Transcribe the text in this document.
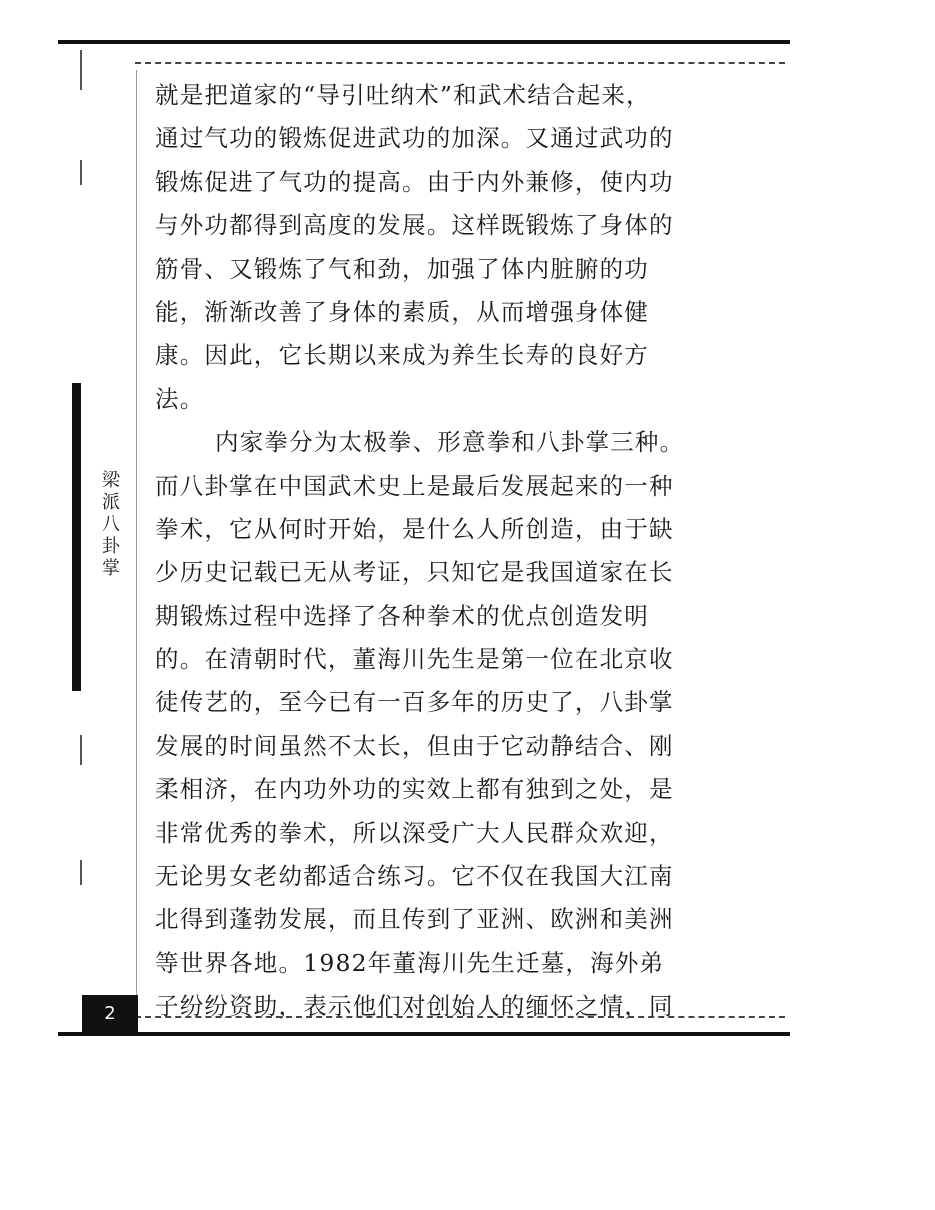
梁派八卦掌
就是把道家的“导引吐纳术”和武术结合起来，
通过气功的锻炼促进武功的加深。又通过武功的
锻炼促进了气功的提高。由于内外兼修，使内功
与外功都得到高度的发展。这样既锻炼了身体的
筋骨、又锻炼了气和劲，加强了体内脏腑的功
能，渐渐改善了身体的素质，从而增强身体健
康。因此，它长期以来成为养生长寿的良好方
法。
内家拳分为太极拳、形意拳和八卦掌三种。
而八卦掌在中国武术史上是最后发展起来的一种
拳术，它从何时开始，是什么人所创造，由于缺
少历史记载已无从考证，只知它是我国道家在长
期锻炼过程中选择了各种拳术的优点创造发明
的。在清朝时代，董海川先生是第一位在北京收
徒传艺的，至今已有一百多年的历史了，八卦掌
发展的时间虽然不太长，但由于它动静结合、刚
柔相济，在内功外功的实效上都有独到之处，是
非常优秀的拳术，所以深受广大人民群众欢迎，
无论男女老幼都适合练习。它不仅在我国大江南
北得到蓬勃发展，而且传到了亚洲、欧洲和美洲
等世界各地。1982年董海川先生迁墓，海外弟
子纷纷资助，表示他们对创始人的缅怀之情，同
2
